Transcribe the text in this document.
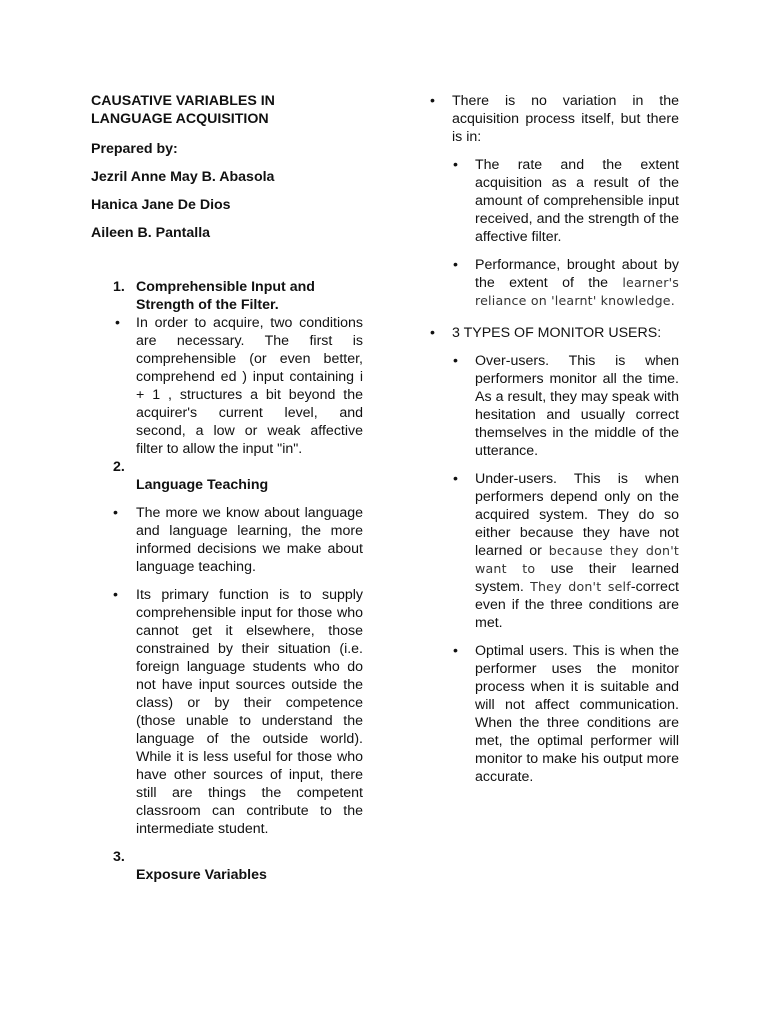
CAUSATIVE VARIABLES IN
LANGUAGE ACQUISITION

Prepared by:

Jezril Anne May B. Abasola

Hanica Jane De Dios

Aileen B. Pantalla

1. Comprehensible Input and Strength of the Filter.
• In order to acquire, two conditions are necessary. The first is comprehensible (or even better, comprehend ed ) input containing i + 1 , structures a bit beyond the acquirer's current level, and second, a low or weak affective filter to allow the input "in".
2.
Language Teaching
• The more we know about language and language learning, the more informed decisions we make about language teaching.
• Its primary function is to supply comprehensible input for those who cannot get it elsewhere, those constrained by their situation (i.e. foreign language students who do not have input sources outside the class) or by their competence (those unable to understand the language of the outside world). While it is less useful for those who have other sources of input, there still are things the competent classroom can contribute to the intermediate student.
3.
Exposure Variables
• There is no variation in the acquisition process itself, but there is in:
• The rate and the extent acquisition as a result of the amount of comprehensible input received, and the strength of the affective filter.
• Performance, brought about by the extent of the learner's reliance on 'learnt' knowledge.
• 3 TYPES OF MONITOR USERS:
• Over-users. This is when performers monitor all the time. As a result, they may speak with hesitation and usually correct themselves in the middle of the utterance.
• Under-users. This is when performers depend only on the acquired system. They do so either because they have not learned or because they don't want to use their learned system. They don't self-correct even if the three conditions are met.
• Optimal users. This is when the performer uses the monitor process when it is suitable and will not affect communication. When the three conditions are met, the optimal performer will monitor to make his output more accurate.
